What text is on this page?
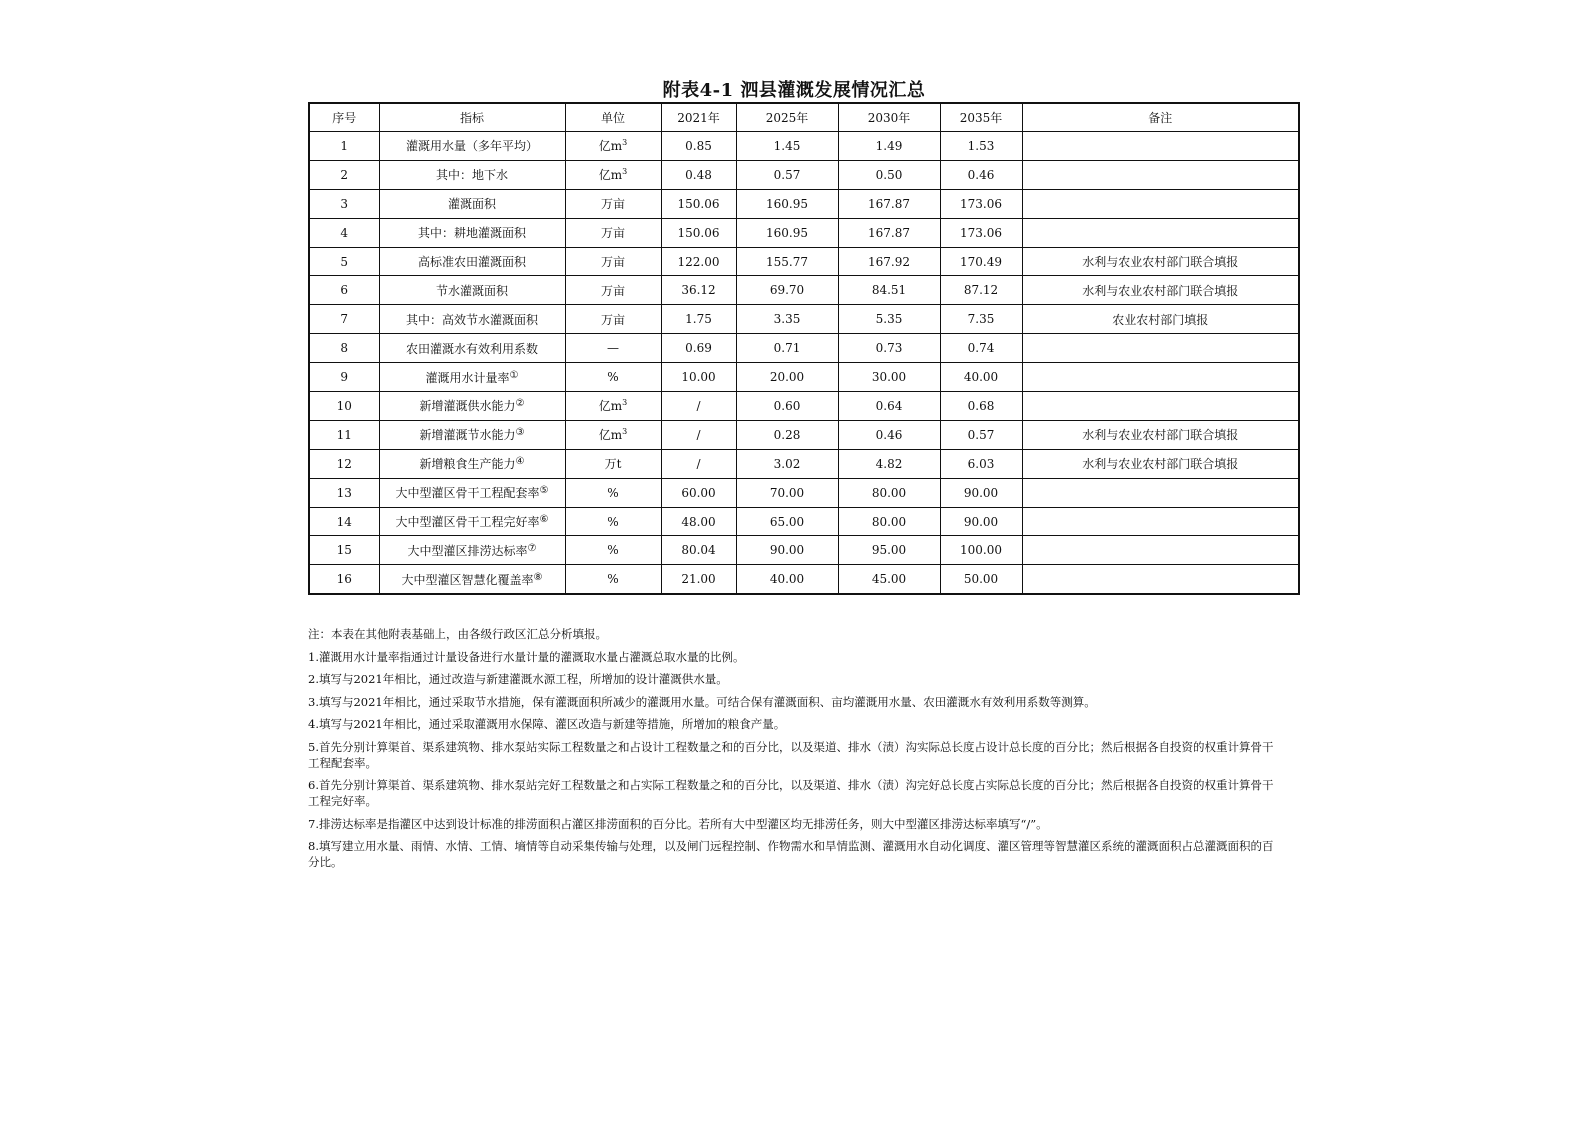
附表4-1 泗县灌溉发展情况汇总
序号	指标	单位	2021年	2025年	2030年	2035年	备注
1	灌溉用水量（多年平均）	亿$m^3$	0.85	1.45	1.49	1.53	
2	其中：地下水	亿$m^3$	0.48	0.57	0.50	0.46	
3	灌溉面积	万亩	150.06	160.95	167.87	173.06	
4	其中：耕地灌溉面积	万亩	150.06	160.95	167.87	173.06	
5	高标准农田灌溉面积	万亩	122.00	155.77	167.92	170.49	水利与农业农村部门联合填报
6	节水灌溉面积	万亩	36.12	69.70	84.51	87.12	水利与农业农村部门联合填报
7	其中：高效节水灌溉面积	万亩	1.75	3.35	5.35	7.35	农业农村部门填报
8	农田灌溉水有效利用系数	—	0.69	0.71	0.73	0.74	
9	灌溉用水计量率①	%	10.00	20.00	30.00	40.00	
10	新增灌溉供水能力②	亿$m^3$	/	0.60	0.64	0.68	
11	新增灌溉节水能力③	亿$m^3$	/	0.28	0.46	0.57	水利与农业农村部门联合填报
12	新增粮食生产能力④	万t	/	3.02	4.82	6.03	水利与农业农村部门联合填报
13	大中型灌区骨干工程配套率⑤	%	60.00	70.00	80.00	90.00	
14	大中型灌区骨干工程完好率⑥	%	48.00	65.00	80.00	90.00	
15	大中型灌区排涝达标率⑦	%	80.04	90.00	95.00	100.00	
16	大中型灌区智慧化覆盖率⑧	%	21.00	40.00	45.00	50.00	

注：本表在其他附表基础上，由各级行政区汇总分析填报。

1.灌溉用水计量率指通过计量设备进行水量计量的灌溉取水量占灌溉总取水量的比例。

2.填写与2021年相比，通过改造与新建灌溉水源工程，所增加的设计灌溉供水量。

3.填写与2021年相比，通过采取节水措施，保有灌溉面积所减少的灌溉用水量。可结合保有灌溉面积、亩均灌溉用水量、农田灌溉水有效利用系数等测算。

4.填写与2021年相比，通过采取灌溉用水保障、灌区改造与新建等措施，所增加的粮食产量。

5.首先分别计算渠首、渠系建筑物、排水泵站实际工程数量之和占设计工程数量之和的百分比，以及渠道、排水（渍）沟实际总长度占设计总长度的百分比；然后根据各自投资的权重计算骨干工程配套率。

6.首先分别计算渠首、渠系建筑物、排水泵站完好工程数量之和占实际工程数量之和的百分比，以及渠道、排水（渍）沟完好总长度占实际总长度的百分比；然后根据各自投资的权重计算骨干工程完好率。

7.排涝达标率是指灌区中达到设计标准的排涝面积占灌区排涝面积的百分比。若所有大中型灌区均无排涝任务，则大中型灌区排涝达标率填写“/”。

8.填写建立用水量、雨情、水情、工情、墒情等自动采集传输与处理，以及闸门远程控制、作物需水和旱情监测、灌溉用水自动化调度、灌区管理等智慧灌区系统的灌溉面积占总灌溉面积的百分比。
